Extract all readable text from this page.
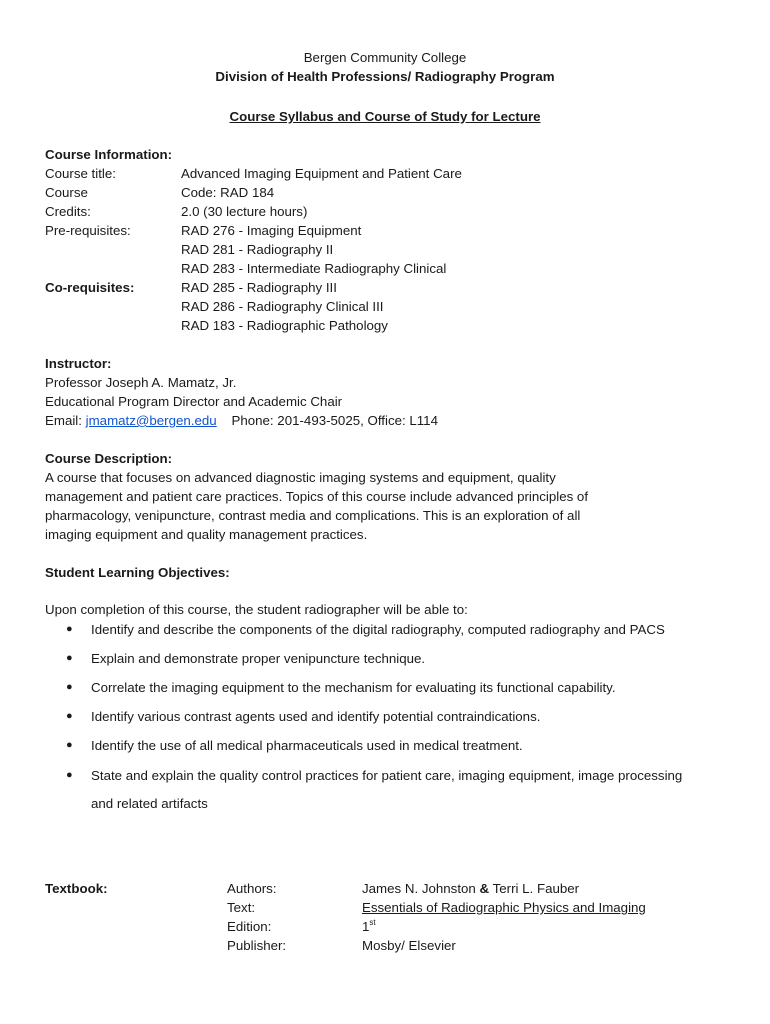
Bergen Community College
Division of Health Professions/ Radiography Program
Course Syllabus and Course of Study for Lecture
Course Information:
Course title:	Advanced Imaging Equipment and Patient Care
Course	Code: RAD 184
Credits:	2.0 (30 lecture hours)
Pre-requisites:	RAD 276 - Imaging Equipment
RAD 281 - Radiography II
RAD 283 - Intermediate Radiography Clinical
Co-requisites:	RAD 285 - Radiography III
RAD 286 - Radiography Clinical III
RAD 183 - Radiographic Pathology
Instructor:
Professor Joseph A. Mamatz, Jr.
Educational Program Director and Academic Chair
Email: jmamatz@bergen.edu Phone: 201-493-5025, Office: L114
Course Description:
A course that focuses on advanced diagnostic imaging systems and equipment, quality
management and patient care practices. Topics of this course include advanced principles of
pharmacology, venipuncture, contrast media and complications. This is an exploration of all
imaging equipment and quality management practices.
Student Learning Objectives:
Upon completion of this course, the student radiographer will be able to:
● Identify and describe the components of the digital radiography, computed radiography and PACS
● Explain and demonstrate proper venipuncture technique.
● Correlate the imaging equipment to the mechanism for evaluating its functional capability.
● Identify various contrast agents used and identify potential contraindications.
● Identify the use of all medical pharmaceuticals used in medical treatment.
● State and explain the quality control practices for patient care, imaging equipment, image processing
and related artifacts
Textbook:	Authors:	James N. Johnston & Terri L. Fauber
Text:	Essentials of Radiographic Physics and Imaging
Edition:	1st
Publisher:	Mosby/ Elsevier
